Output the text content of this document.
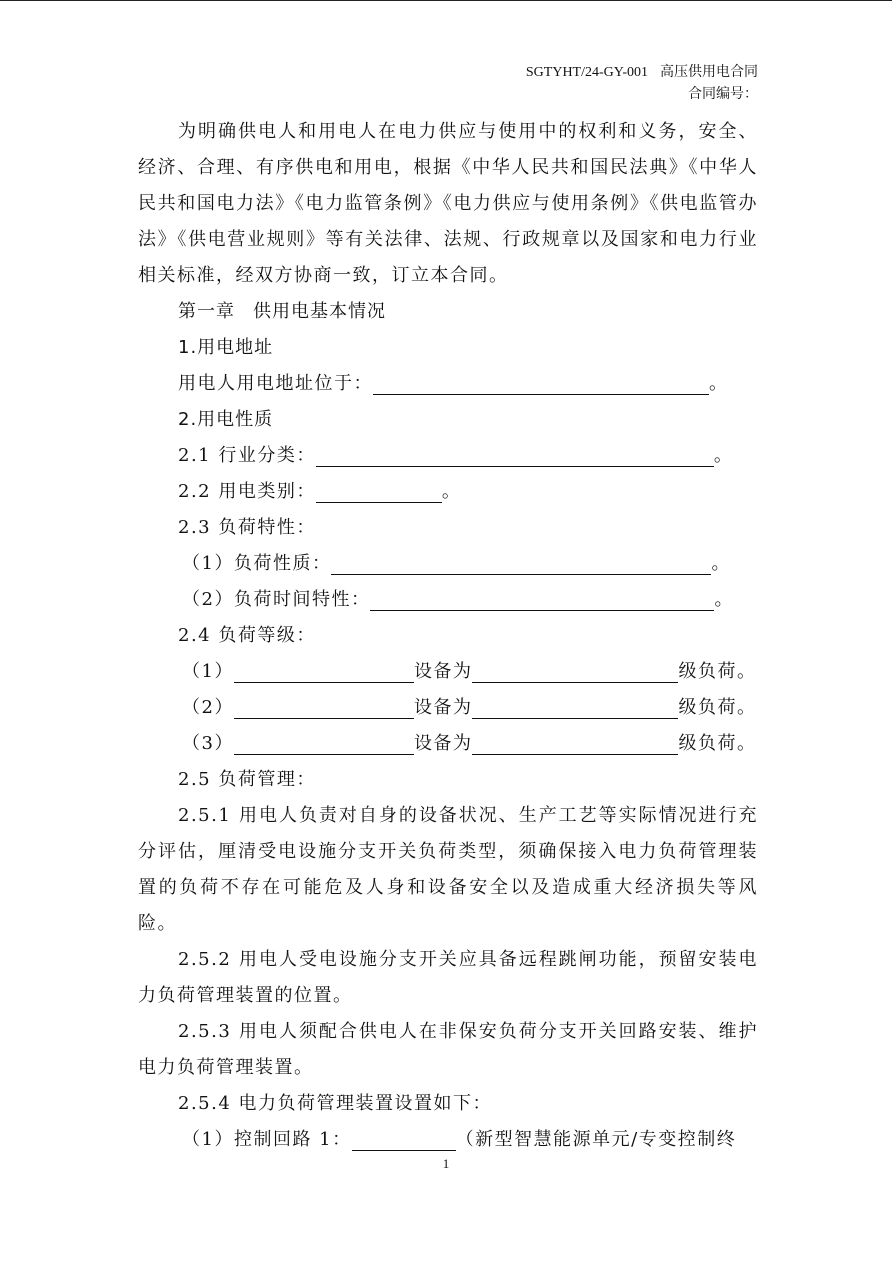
SGTYHT/24-GY-001 高压供用电合同
合同编号：

为明确供电人和用电人在电力供应与使用中的权利和义务，安全、经济、合理、有序供电和用电，根据《中华人民共和国民法典》《中华人民共和国电力法》《电力监管条例》《电力供应与使用条例》《供电监管办法》《供电营业规则》等有关法律、法规、行政规章以及国家和电力行业相关标准，经双方协商一致，订立本合同。

第一章 供用电基本情况

1.用电地址

用电人用电地址位于：	。

2.用电性质

2.1 行业分类：	。

2.2 用电类别：	。

2.3 负荷特性：

（1）负荷性质：	。

（2）负荷时间特性：	。

2.4 负荷等级：

（1）	设备为	级负荷。

（2）	设备为	级负荷。

（3）	设备为	级负荷。

2.5 负荷管理：

2.5.1 用电人负责对自身的设备状况、生产工艺等实际情况进行充分评估，厘清受电设施分支开关负荷类型，须确保接入电力负荷管理装置的负荷不存在可能危及人身和设备安全以及造成重大经济损失等风险。

2.5.2 用电人受电设施分支开关应具备远程跳闸功能，预留安装电力负荷管理装置的位置。

2.5.3 用电人须配合供电人在非保安负荷分支开关回路安装、维护电力负荷管理装置。

2.5.4 电力负荷管理装置设置如下：

（1）控制回路 1：	（新型智慧能源单元/专变控制终

1
